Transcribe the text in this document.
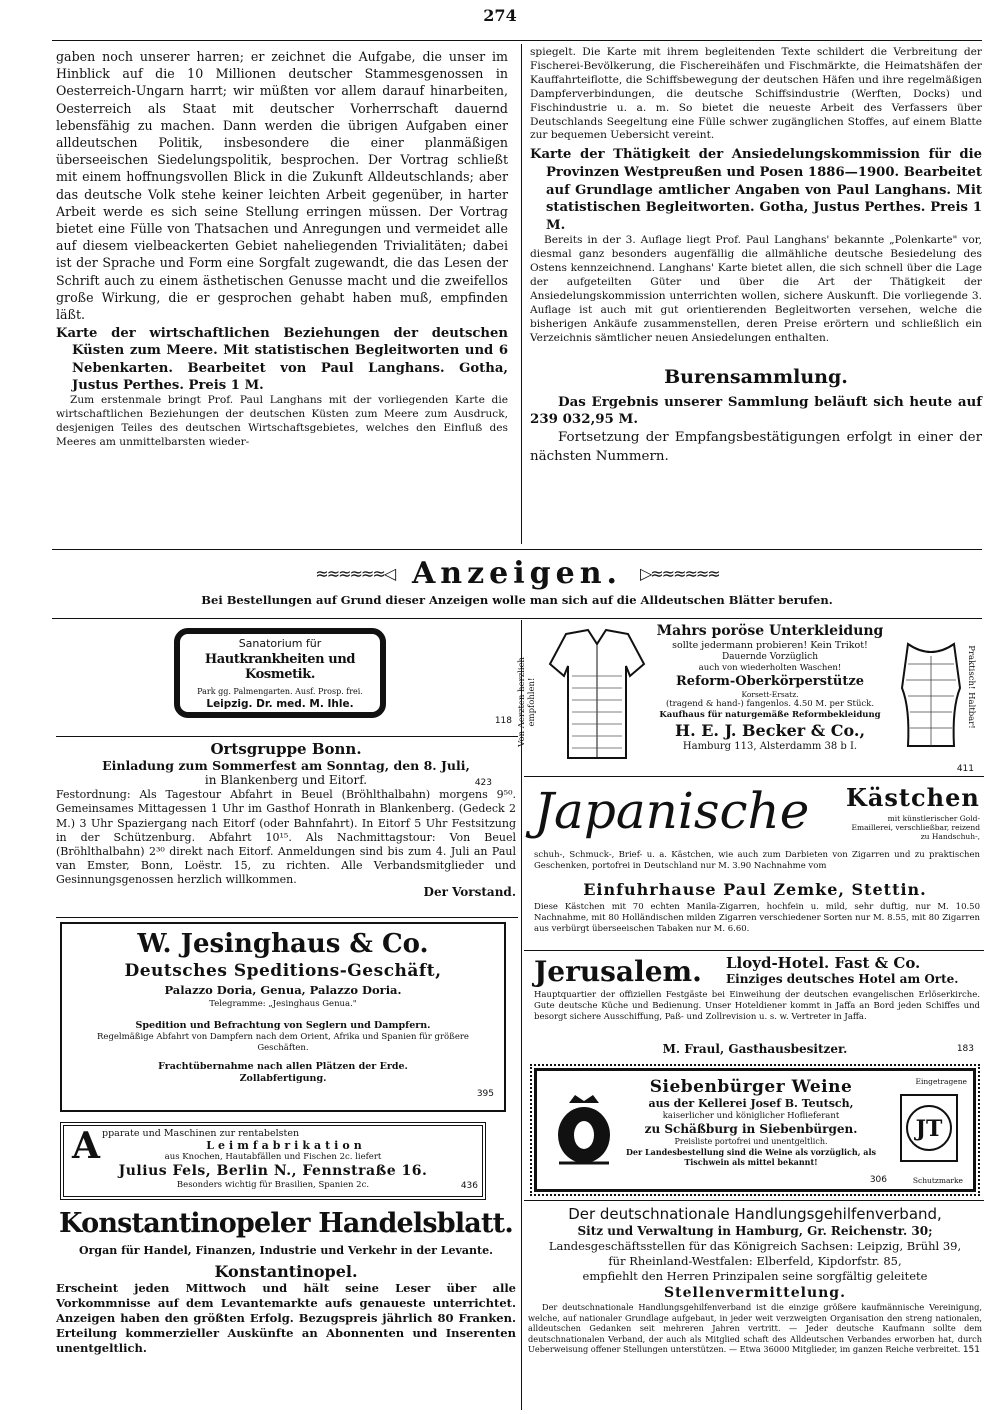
274

gaben noch unserer harren; er zeichnet die Aufgabe, die unser im Hinblick auf die 10 Millionen deutscher Stammesgenossen in Oesterreich-Ungarn harrt; wir müßten vor allem darauf hinarbeiten, Oesterreich als Staat mit deutscher Vorherrschaft dauernd lebensfähig zu machen. Dann werden die übrigen Aufgaben einer alldeutschen Politik, insbesondere die einer planmäßigen überseeischen Siedelungspolitik, besprochen. Der Vortrag schließt mit einem hoffnungsvollen Blick in die Zukunft Alldeutschlands; aber das deutsche Volk stehe keiner leichten Arbeit gegenüber, in harter Arbeit werde es sich seine Stellung erringen müssen. Der Vortrag bietet eine Fülle von Thatsachen und Anregungen und vermeidet alle auf diesem vielbeackerten Gebiet naheliegenden Trivialitäten; dabei ist der Sprache und Form eine Sorgfalt zugewandt, die das Lesen der Schrift auch zu einem ästhetischen Genusse macht und die zweifellos große Wirkung, die er gesprochen gehabt haben muß, empfinden läßt.

Karte der wirtschaftlichen Beziehungen der deutschen Küsten zum Meere. Mit statistischen Begleitworten und 6 Nebenkarten. Bearbeitet von Paul Langhans. Gotha, Justus Perthes. Preis 1 M.

Zum erstenmale bringt Prof. Paul Langhans mit der vorliegenden Karte die wirtschaftlichen Beziehungen der deutschen Küsten zum Meere zum Ausdruck, desjenigen Teiles des deutschen Wirtschaftsgebietes, welches den Einfluß des Meeres am unmittelbarsten wieder-

spiegelt. Die Karte mit ihrem begleitenden Texte schildert die Verbreitung der Fischerei-Bevölkerung, die Fischereihäfen und Fischmärkte, die Heimatshäfen der Kauffahrteiflotte, die Schiffsbewegung der deutschen Häfen und ihre regelmäßigen Dampferverbindungen, die deutsche Schiffsindustrie (Werften, Docks) und Fischindustrie u. a. m. So bietet die neueste Arbeit des Verfassers über Deutschlands Seegeltung eine Fülle schwer zugänglichen Stoffes, auf einem Blatte zur bequemen Uebersicht vereint.

Karte der Thätigkeit der Ansiedelungskommission für die Provinzen Westpreußen und Posen 1886—1900. Bearbeitet auf Grundlage amtlicher Angaben von Paul Langhans. Mit statistischen Begleitworten. Gotha, Justus Perthes. Preis 1 M.

Bereits in der 3. Auflage liegt Prof. Paul Langhans' bekannte „Polenkarte" vor, diesmal ganz besonders augenfällig die allmähliche deutsche Besiedelung des Ostens kennzeichnend. Langhans' Karte bietet allen, die sich schnell über die Lage der aufgeteilten Güter und über die Art der Thätigkeit der Ansiedelungskommission unterrichten wollen, sichere Auskunft. Die vorliegende 3. Auflage ist auch mit gut orientierenden Begleitworten versehen, welche die bisherigen Ankäufe zusammenstellen, deren Preise erörtern und schließlich ein Verzeichnis sämtlicher neuen Ansiedelungen enthalten.

Burensammlung.

Das Ergebnis unserer Sammlung beläuft sich heute auf 239 032,95 M.

Fortsetzung der Empfangsbestätigungen erfolgt in einer der nächsten Nummern.

≈≈≈≈≈≈◁ Anzeigen. ▷≈≈≈≈≈≈
Bei Bestellungen auf Grund dieser Anzeigen wolle man sich auf die Alldeutschen Blätter berufen.

Sanatorium für

Hautkrankheiten und Kosmetik.

Park gg. Palmengarten. Ausf. Prosp. frei.

Leipzig. Dr. med. M. Ihle.

118

Ortsgruppe Bonn.

Einladung zum Sommerfest am Sonntag, den 8. Juli,

in Blankenberg und Eitorf.	423

Festordnung: Als Tagestour Abfahrt in Beuel (Bröhlthalbahn) morgens 9⁵⁰. Gemeinsames Mittagessen 1 Uhr im Gasthof Honrath in Blankenberg. (Gedeck 2 M.) 3 Uhr Spaziergang nach Eitorf (oder Bahnfahrt). In Eitorf 5 Uhr Festsitzung in der Schützenburg. Abfahrt 10¹⁵. Als Nachmittagstour: Von Beuel (Bröhlthalbahn) 2³⁰ direkt nach Eitorf. Anmeldungen sind bis zum 4. Juli an Paul van Emster, Bonn, Loëstr. 15, zu richten. Alle Verbandsmitglieder und Gesinnungsgenossen herzlich willkommen.

Der Vorstand.

W. Jesinghaus & Co.

Deutsches Speditions-Geschäft,

Palazzo Doria, Genua, Palazzo Doria.

Telegramme: „Jesinghaus Genua."

Spedition und Befrachtung von Seglern und Dampfern.

Regelmäßige Abfahrt von Dampfern nach dem Orient, Afrika und Spanien für größere Geschäften.

Frachtübernahme nach allen Plätzen der Erde.

Zollabfertigung.

395
A pparate und Maschinen zur rentabelsten

Leimfabrikation

aus Knochen, Hautabfällen und Fischen 2c. liefert

Julius Fels, Berlin N., Fennstraße 16.

Besonders wichtig für Brasilien, Spanien 2c.	436

Konstantinopeler Handelsblatt.

Organ für Handel, Finanzen, Industrie und Verkehr in der Levante.

Konstantinopel.

Erscheint jeden Mittwoch und hält seine Leser über alle Vorkommnisse auf dem Levantemarkte aufs genaueste unterrichtet. Anzeigen haben den größten Erfolg. Bezugspreis jährlich 80 Franken. Erteilung kommerzieller Auskünfte an Abonnenten und Inserenten unentgeltlich.

Von Aerzten herzlich empfohlen!

Mahrs poröse Unterkleidung

sollte jedermann probieren! Kein Trikot!

Dauernde Vorzüglich

auch von wiederholten Waschen!

Reform-Oberkörperstütze

Korsett-Ersatz.

(tragend & hand-) fangenlos. 4.50 M. per Stück.

Kaufhaus für naturgemäße Reformbekleidung

H. E. J. Becker & Co.,

Hamburg 113, Alsterdamm 38 b I.

Praktisch! Haltbar!
411
Japanische Kästchen
mit künstlerischer Gold-Emaillerei, verschließbar, reizend zu Handschuh-,

schuh-, Schmuck-, Brief- u. a. Kästchen, wie auch zum Darbieten von Zigarren und zu praktischen Geschenken, portofrei in Deutschland nur M. 3.90 Nachnahme vom

Einfuhrhause Paul Zemke, Stettin.

Diese Kästchen mit 70 echten Manila-Zigarren, hochfein u. mild, sehr duftig, nur M. 10.50 Nachnahme, mit 80 Holländischen milden Zigarren verschiedener Sorten nur M. 8.55, mit 80 Zigarren aus verbürgt überseeischen Tabaken nur M. 6.60.

Jerusalem. Lloyd-Hotel. Fast & Co.
Einziges deutsches Hotel am Orte.

Hauptquartier der offiziellen Festgäste bei Einweihung der deutschen evangelischen Erlöserkirche. Gute deutsche Küche und Bedienung. Unser Hoteldiener kommt in Jaffa an Bord jeden Schiffes und besorgt sichere Ausschiffung, Paß- und Zollrevision u. s. w. Vertreter in Jaffa.

M. Fraul, Gasthausbesitzer.	183

Siebenbürger Weine

aus der Kellerei Josef B. Teutsch,

kaiserlicher und königlicher Hoflieferant

zu Schäßburg in Siebenbürgen.

Preisliste portofrei und unentgeltlich.

Der Landesbestellung sind die Weine als vorzüglich, als Tischwein als mittel bekannt!

Eingetragene
JT
Schutzmarke
306

Der deutschnationale Handlungsgehilfenverband,

Sitz und Verwaltung in Hamburg, Gr. Reichenstr. 30;

Landesgeschäftsstellen für das Königreich Sachsen: Leipzig, Brühl 39,

für Rheinland-Westfalen: Elberfeld, Kipdorfstr. 85,

empfiehlt den Herren Prinzipalen seine sorgfältig geleitete

Stellenvermittelung.

Der deutschnationale Handlungsgehilfenverband ist die einzige größere kaufmännische Vereinigung, welche, auf nationaler Grundlage aufgebaut, in jeder weit verzweigten Organisation den streng nationalen, alldeutschen Gedanken seit mehreren Jahren vertritt. — Jeder deutsche Kaufmann sollte dem deutschnationalen Verband, der auch als Mitglied schaft des Alldeutschen Verbandes erworben hat, durch Ueberweisung offener Stellungen unterstützen. — Etwa 36000 Mitglieder, im ganzen Reiche verbreitet. 151
